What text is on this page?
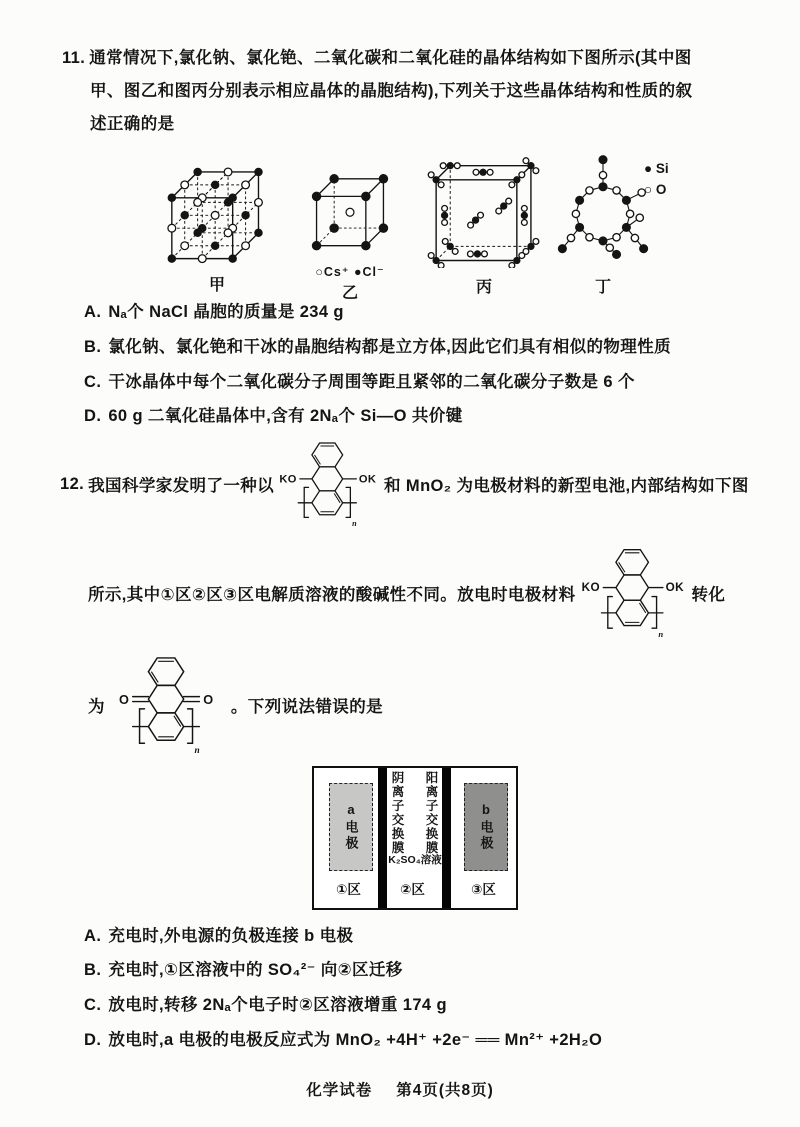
11. 通常情况下,氯化钠、氯化铯、二氧化碳和二氧化硅的晶体结构如下图所示(其中图
甲、图乙和图丙分别表示相应晶体的晶胞结构),下列关于这些晶体结构和性质的叙
述正确的是
甲
○Cs⁺ ●Cl⁻
乙	丙	丁
● Si
○ O
A. Nₐ个 NaCl 晶胞的质量是 234 g
B. 氯化钠、氯化铯和干冰的晶胞结构都是立方体,因此它们具有相似的物理性质
C. 干冰晶体中每个二氧化碳分子周围等距且紧邻的二氧化碳分子数是 6 个
D. 60 g 二氧化硅晶体中,含有 2Nₐ个 Si—O 共价键
12. 我国科学家发明了一种以 KO	OK
n
和 MnO₂ 为电极材料的新型电池,内部结构如下图
所示,其中①区②区③区电解质溶液的酸碱性不同。放电时电极材料 KO	OK
n
转化
为 O	O
n
。下列说法错误的是
a电极	阴离子交换膜 阳离子交换膜
K₂SO₄溶液
b电极
①区	②区	③区
A. 充电时,外电源的负极连接 b 电极
B. 充电时,①区溶液中的 SO₄²⁻ 向②区迁移
C. 放电时,转移 2Nₐ个电子时②区溶液增重 174 g
D. 放电时,a 电极的电极反应式为 MnO₂ +4H⁺ +2e⁻ ══ Mn²⁺ +2H₂O
化学试卷 第4页(共8页)
